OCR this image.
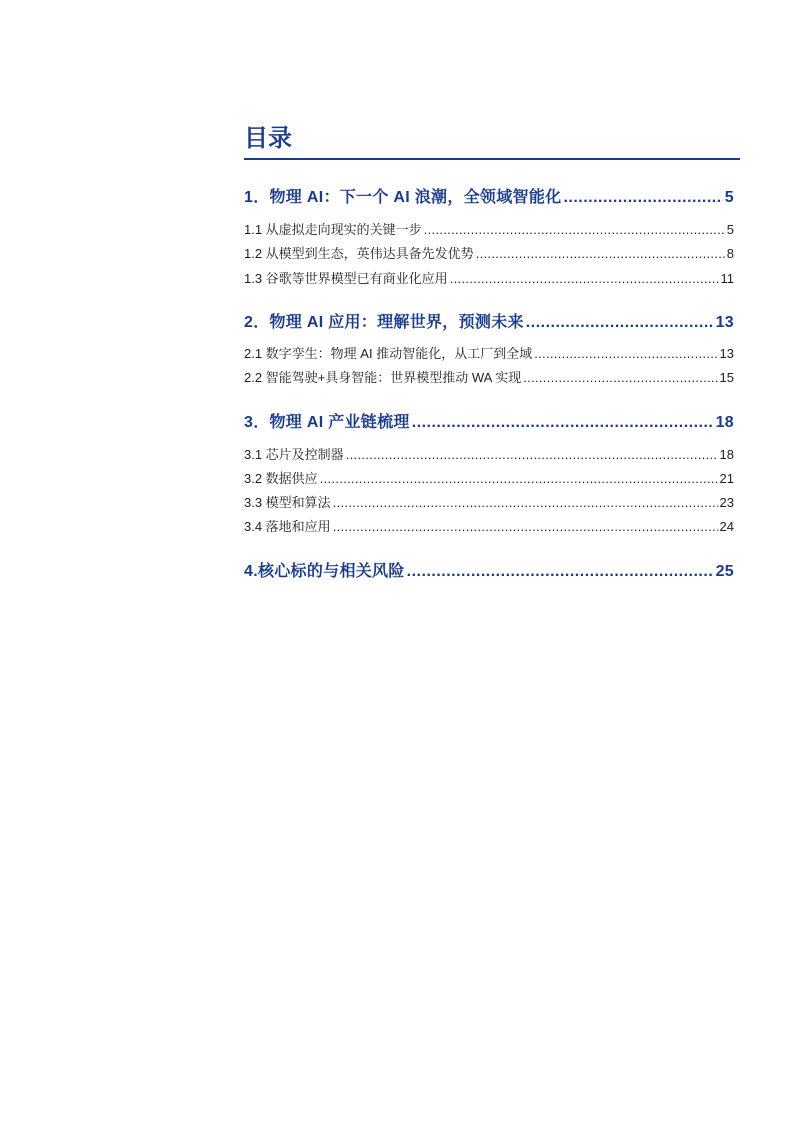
目录
1．物理 AI：下一个 AI 浪潮，全领域智能化 .....	5
1.1 从虚拟走向现实的关键一步 .....	5
1.2 从模型到生态，英伟达具备先发优势 .....	8
1.3 谷歌等世界模型已有商业化应用 .....	11
2．物理 AI 应用：理解世界，预测未来 .....	13
2.1 数字孪生：物理 AI 推动智能化，从工厂到全域 .....	13
2.2 智能驾驶+具身智能：世界模型推动 WA 实现 .....	15
3．物理 AI 产业链梳理 .....	18
3.1 芯片及控制器 .....	18
3.2 数据供应 .....	21
3.3 模型和算法 .....	23
3.4 落地和应用 .....	24
4.核心标的与相关风险 .....	25
